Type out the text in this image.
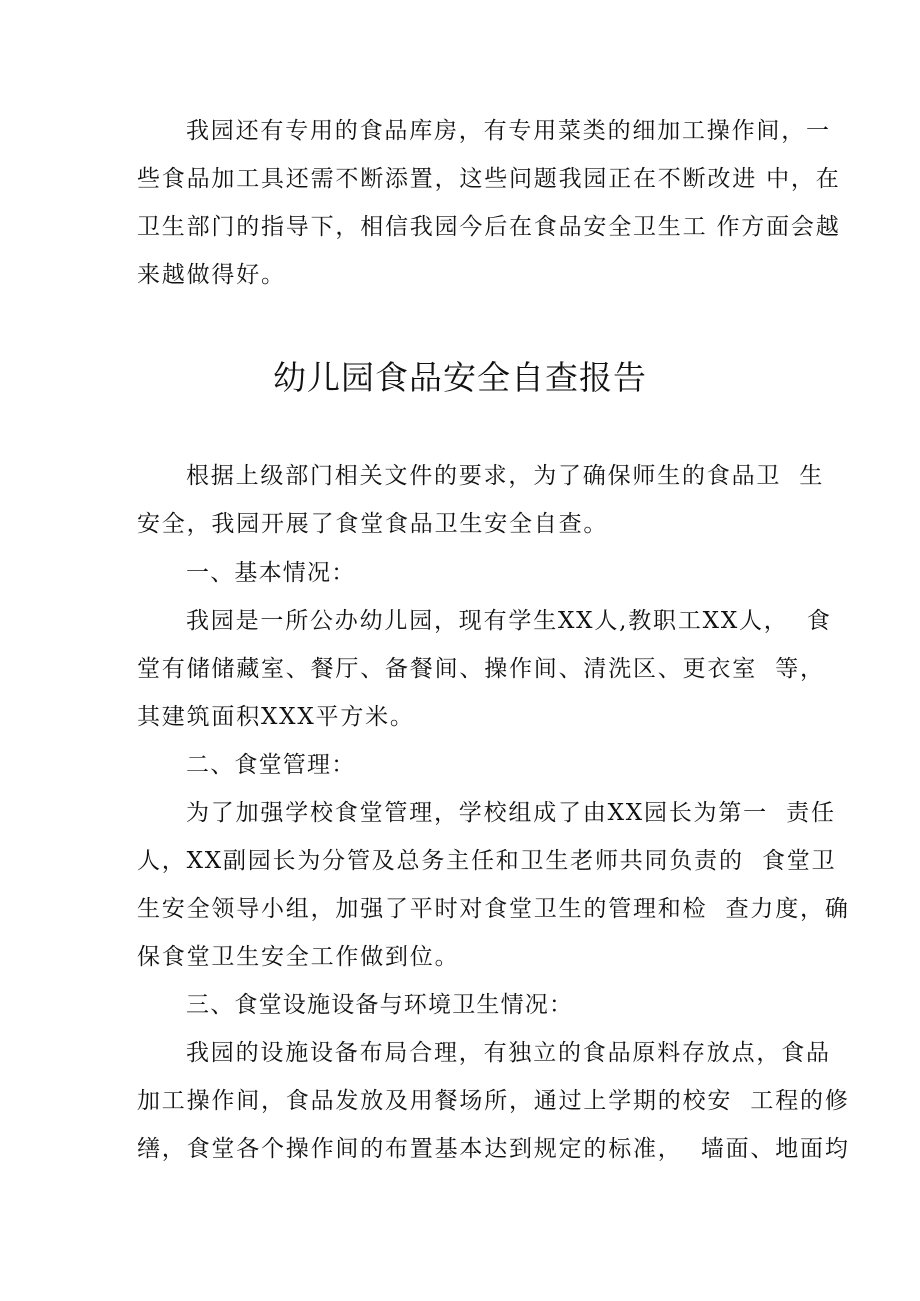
我园还有专用的食品库房，有专用菜类的细加工操作间，一
些食品加工具还需不断添置，这些问题我园正在不断改进 中，在
卫生部门的指导下，相信我园今后在食品安全卫生工 作方面会越
来越做得好。
幼儿园食品安全自查报告
根据上级部门相关文件的要求，为了确保师生的食品卫  生
安全，我园开展了食堂食品卫生安全自查。
一、基本情况：
我园是一所公办幼儿园，现有学生XX人,教职工XX人，  食
堂有储储藏室、餐厅、备餐间、操作间、清洗区、更衣室  等，
其建筑面积XXX平方米。
二、食堂管理：
为了加强学校食堂管理，学校组成了由XX园长为第一  责任
人，XX副园长为分管及总务主任和卫生老师共同负责的  食堂卫
生安全领导小组，加强了平时对食堂卫生的管理和检  查力度，确
保食堂卫生安全工作做到位。
三、食堂设施设备与环境卫生情况：
我园的设施设备布局合理，有独立的食品原料存放点，食品
加工操作间，食品发放及用餐场所，通过上学期的校安  工程的修
缮，食堂各个操作间的布置基本达到规定的标准，  墙面、地面均
